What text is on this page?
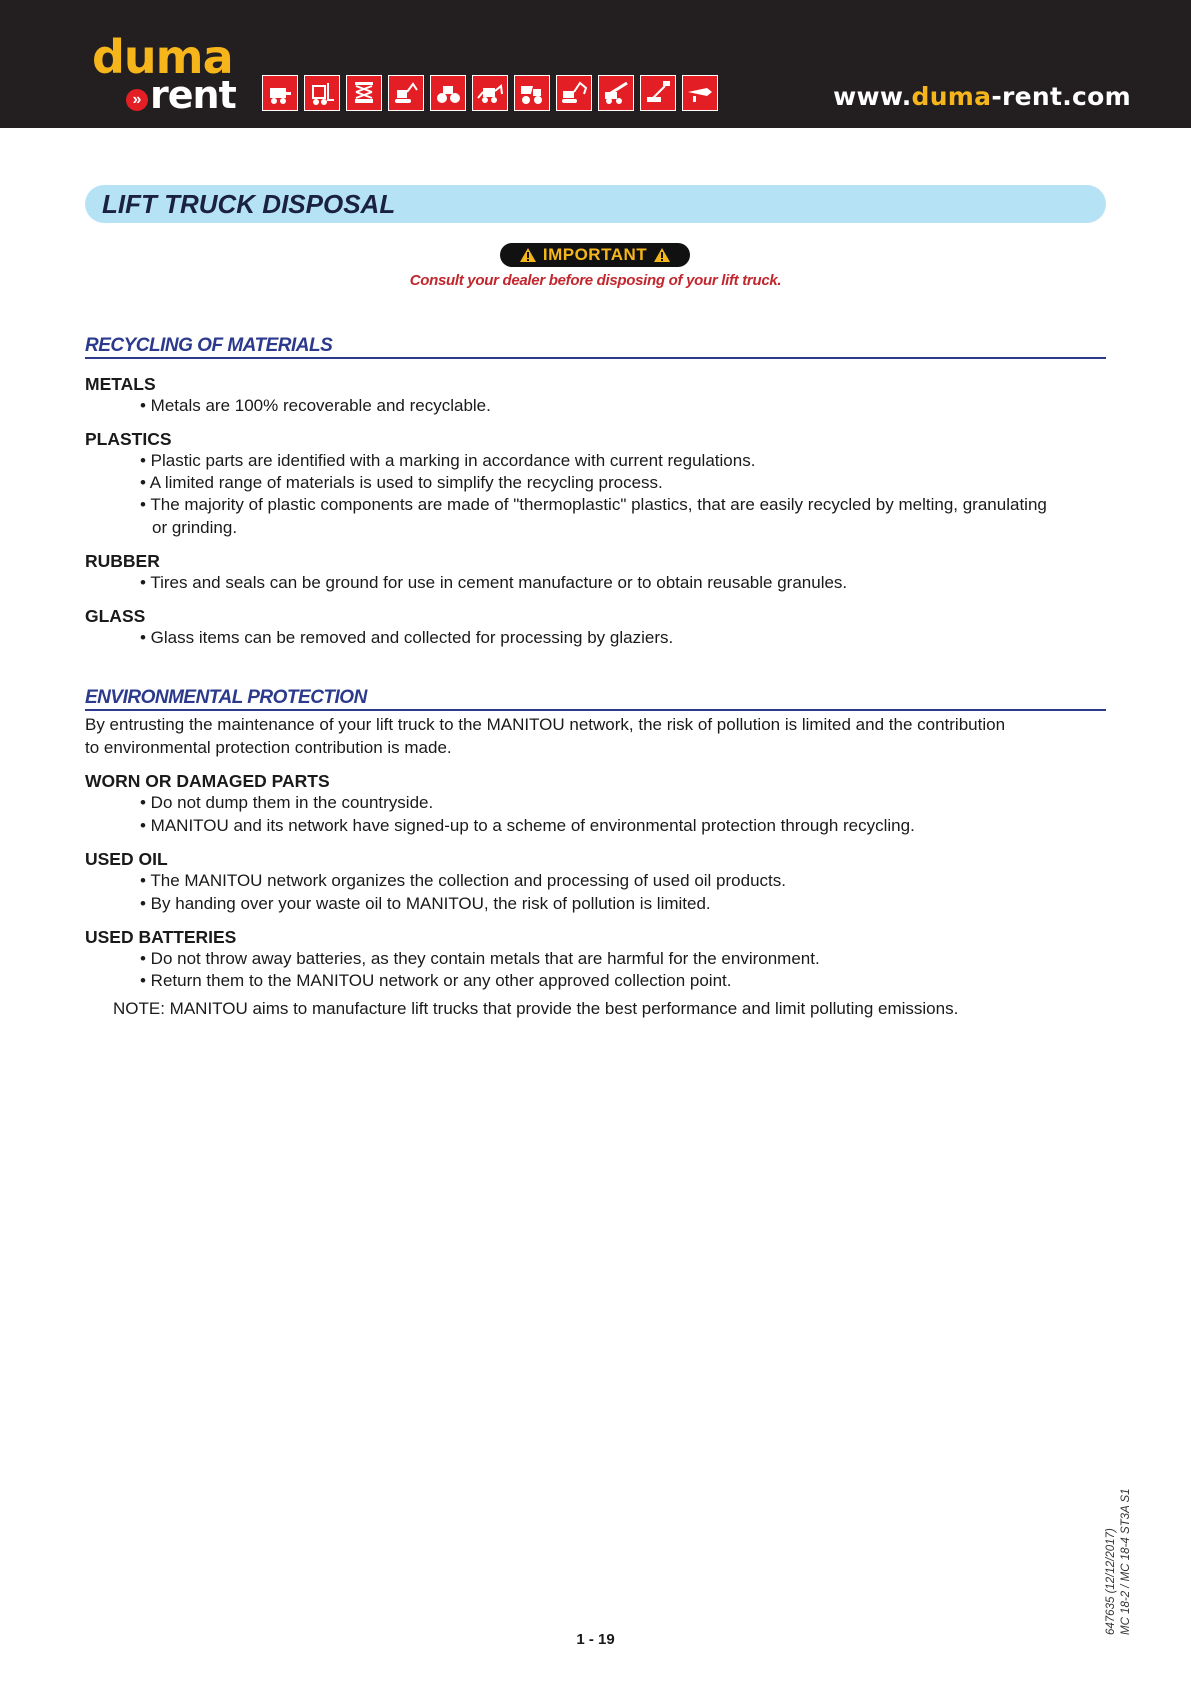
duma
» rent	www.duma-rent.com
LIFT TRUCK DISPOSAL
IMPORTANT
Consult your dealer before disposing of your lift truck.
RECYCLING OF MATERIALS
METALS
• Metals are 100% recoverable and recyclable.
PLASTICS
• Plastic parts are identified with a marking in accordance with current regulations.
• A limited range of materials is used to simplify the recycling process.
• The majority of plastic components are made of "thermoplastic" plastics, that are easily recycled by melting, granulating
or grinding.
RUBBER
• Tires and seals can be ground for use in cement manufacture or to obtain reusable granules.
GLASS
• Glass items can be removed and collected for processing by glaziers.
ENVIRONMENTAL PROTECTION
By entrusting the maintenance of your lift truck to the MANITOU network, the risk of pollution is limited and the contribution
to environmental protection contribution is made.
WORN OR DAMAGED PARTS
• Do not dump them in the countryside.
• MANITOU and its network have signed-up to a scheme of environmental protection through recycling.
USED OIL
• The MANITOU network organizes the collection and processing of used oil products.
• By handing over your waste oil to MANITOU, the risk of pollution is limited.
USED BATTERIES
• Do not throw away batteries, as they contain metals that are harmful for the environment.
• Return them to the MANITOU network or any other approved collection point.
NOTE: MANITOU aims to manufacture lift trucks that provide the best performance and limit polluting emissions.
1 - 19
647635 (12/12/2017) MC 18-2 / MC 18-4 ST3A S1
